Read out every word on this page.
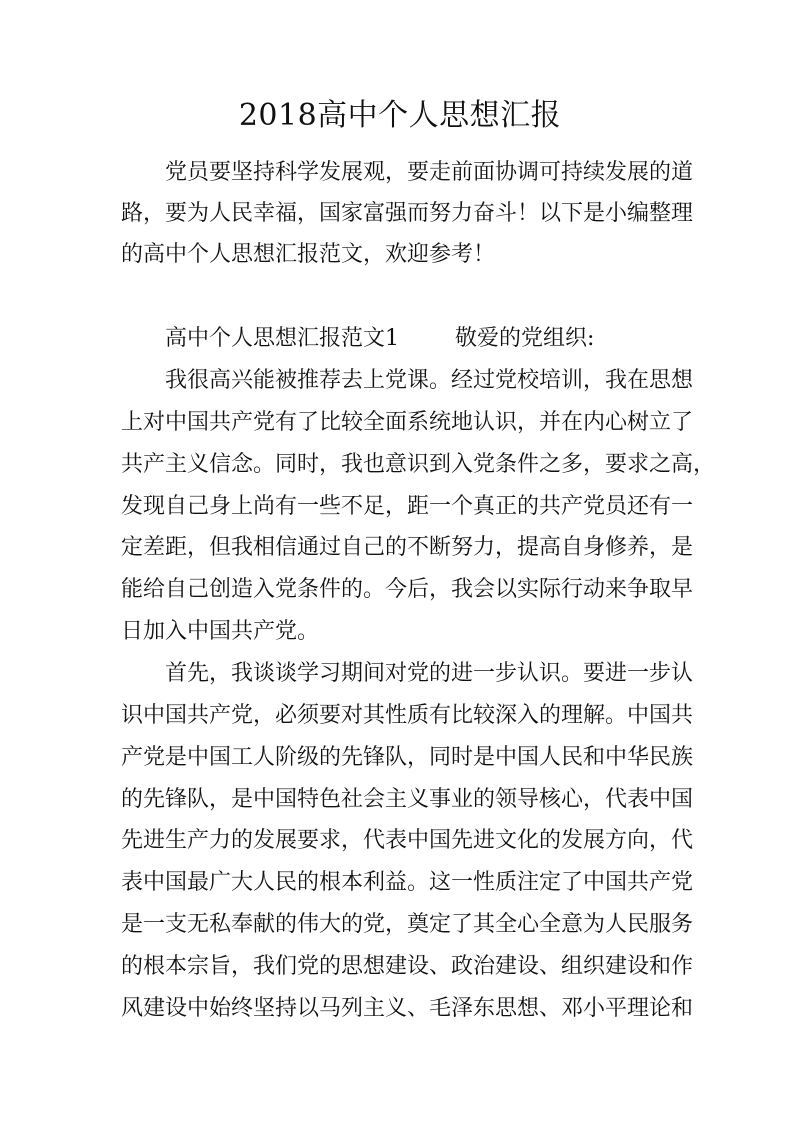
2018高中个人思想汇报
党员要坚持科学发展观，要走前面协调可持续发展的道
路，要为人民幸福，国家富强而努力奋斗！以下是小编整理
的高中个人思想汇报范文，欢迎参考！
高中个人思想汇报范文1	敬爱的党组织:
我很高兴能被推荐去上党课。经过党校培训，我在思想
上对中国共产党有了比较全面系统地认识，并在内心树立了
共产主义信念。同时，我也意识到入党条件之多，要求之高，
发现自己身上尚有一些不足，距一个真正的共产党员还有一
定差距，但我相信通过自己的不断努力，提高自身修养，是
能给自己创造入党条件的。今后，我会以实际行动来争取早
日加入中国共产党。
首先，我谈谈学习期间对党的进一步认识。要进一步认
识中国共产党，必须要对其性质有比较深入的理解。中国共
产党是中国工人阶级的先锋队，同时是中国人民和中华民族
的先锋队，是中国特色社会主义事业的领导核心，代表中国
先进生产力的发展要求，代表中国先进文化的发展方向，代
表中国最广大人民的根本利益。这一性质注定了中国共产党
是一支无私奉献的伟大的党，奠定了其全心全意为人民服务
的根本宗旨，我们党的思想建设、政治建设、组织建设和作
风建设中始终坚持以马列主义、毛泽东思想、邓小平理论和
